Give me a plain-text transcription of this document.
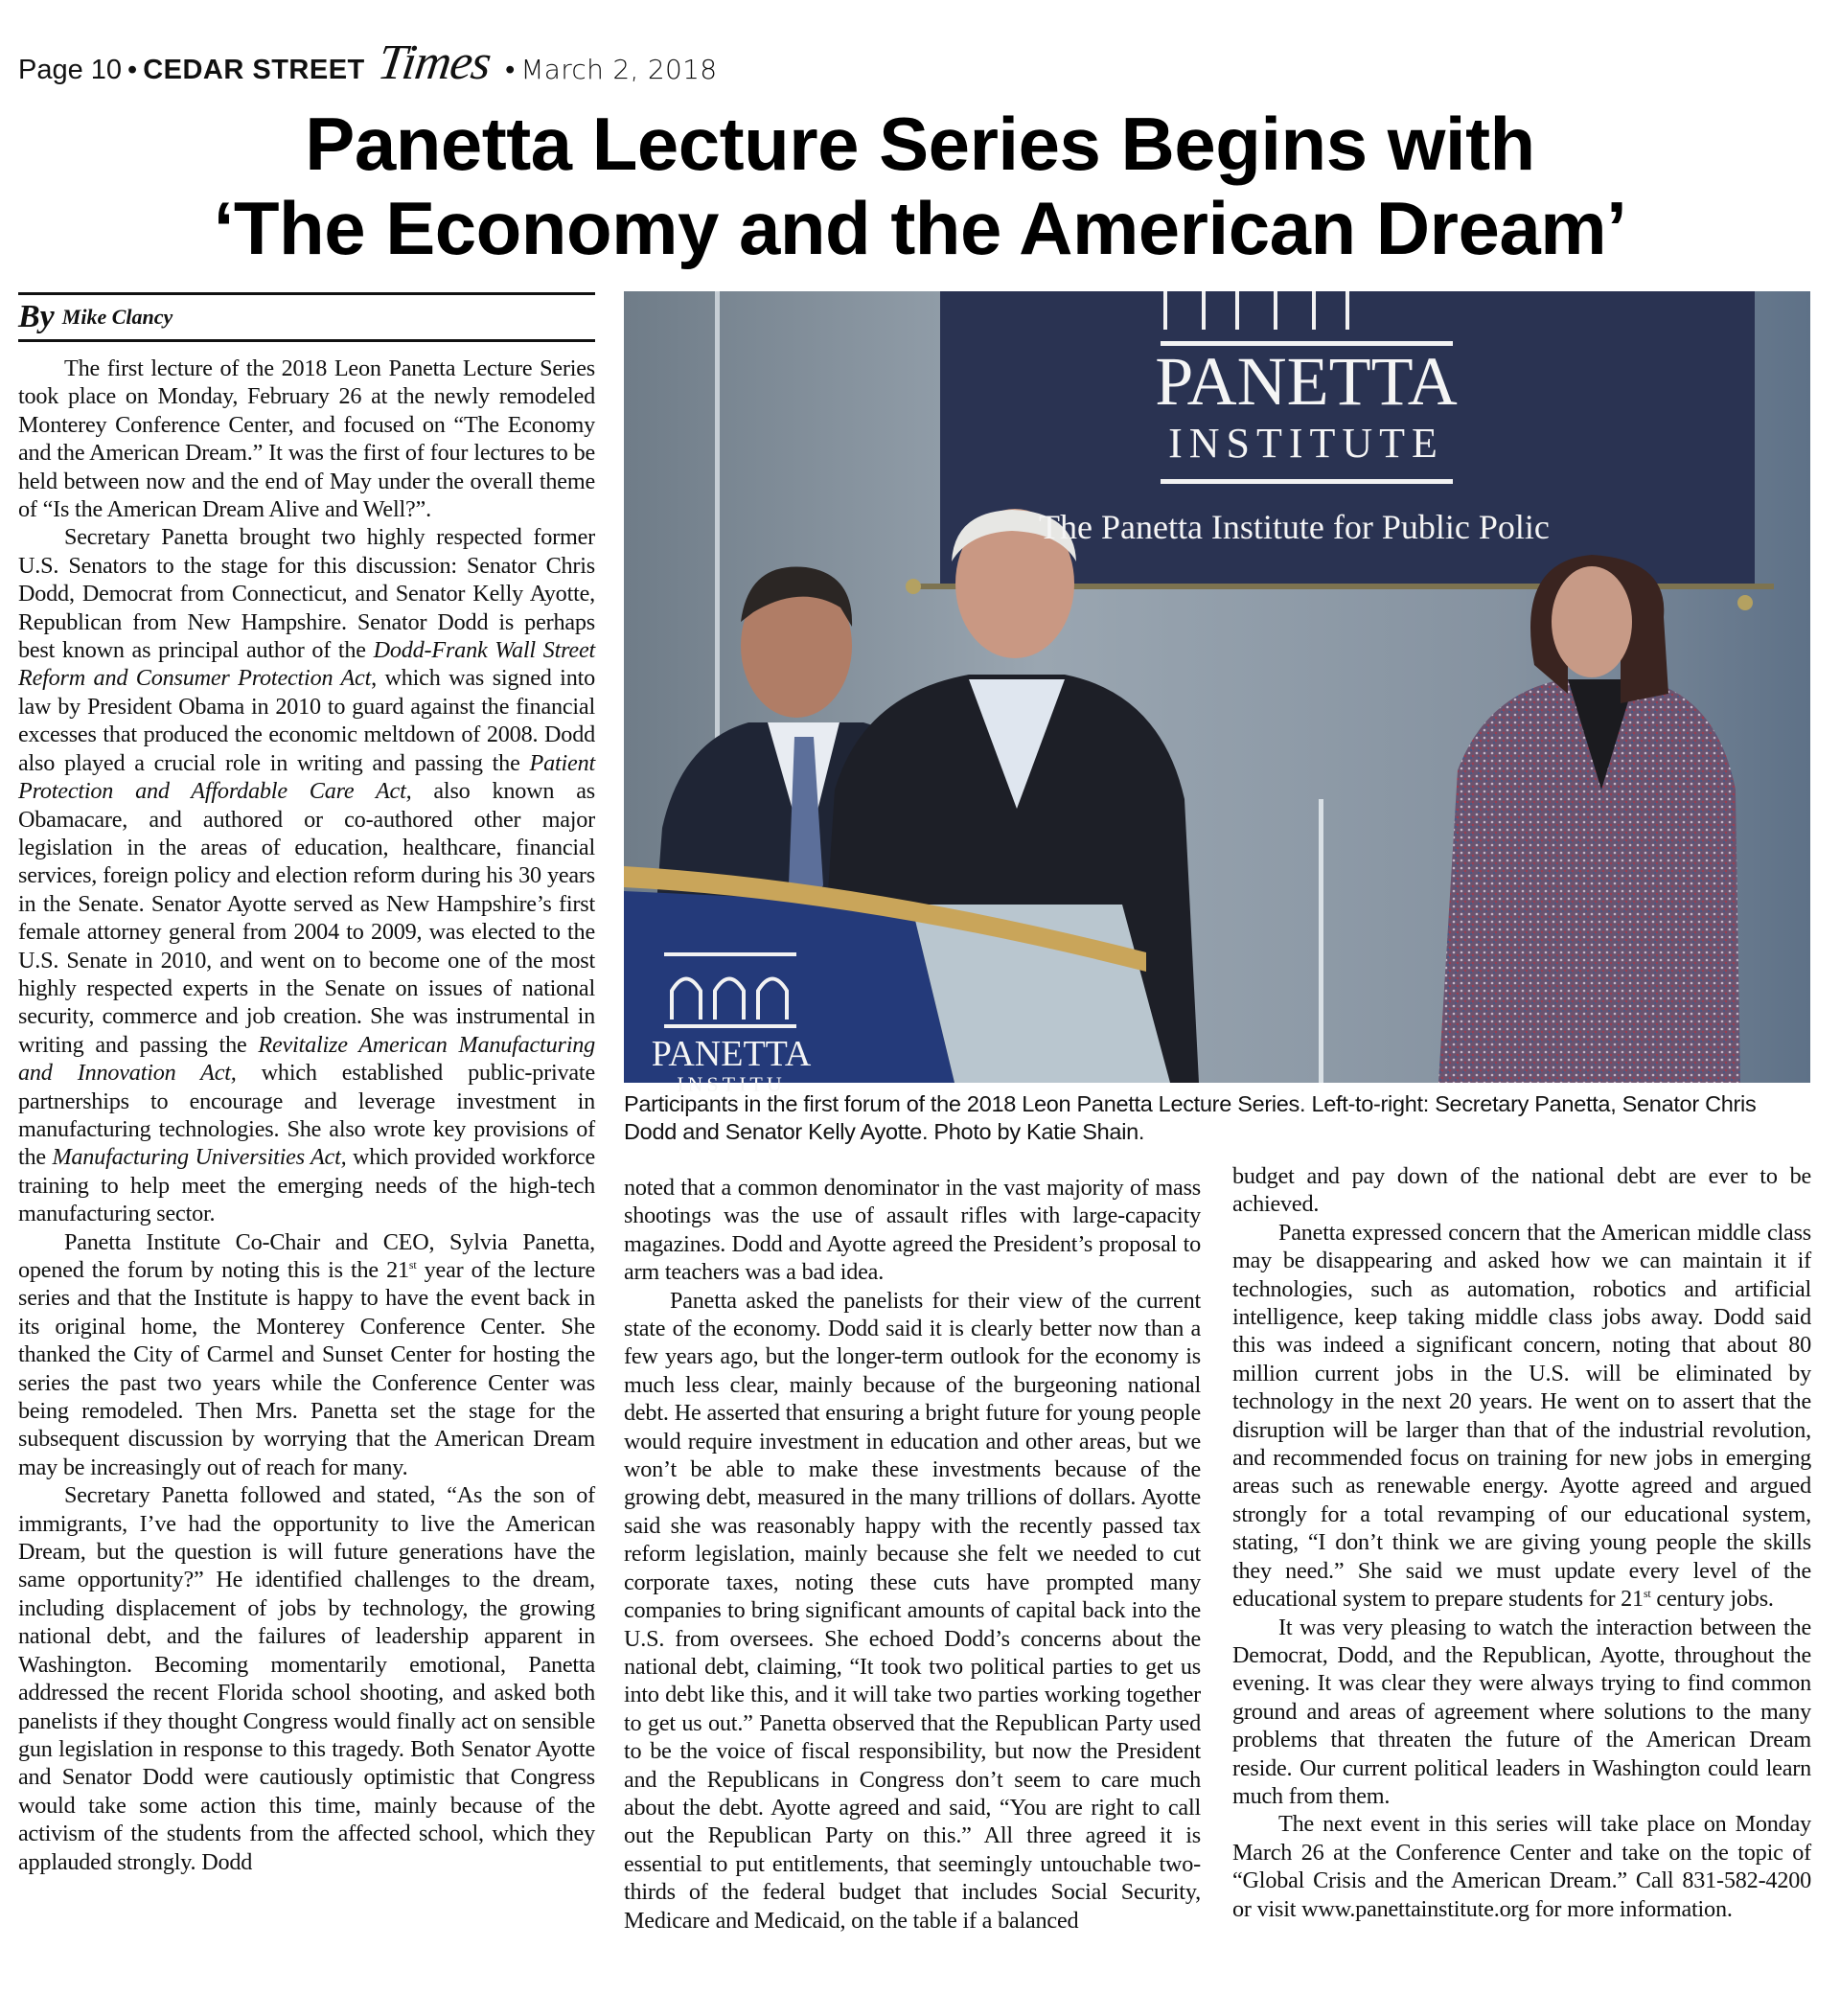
Page 10 • CEDAR STREET Times • March 2, 2018
Panetta Lecture Series Begins with
‘The Economy and the American Dream’
By Mike Clancy

The first lecture of the 2018 Leon Panetta Lecture Series took place on Monday, February 26 at the newly remodeled Monterey Conference Center, and focused on “The Economy and the American Dream.” It was the first of four lectures to be held between now and the end of May under the overall theme of “Is the American Dream Alive and Well?”.

Secretary Panetta brought two highly respected former U.S. Senators to the stage for this discussion: Senator Chris Dodd, Democrat from Connecticut, and Senator Kelly Ayotte, Republican from New Hampshire. Senator Dodd is perhaps best known as principal author of the Dodd-Frank Wall Street Reform and Consumer Protection Act, which was signed into law by President Obama in 2010 to guard against the financial excesses that produced the economic meltdown of 2008. Dodd also played a crucial role in writing and passing the Patient Protection and Affordable Care Act, also known as Obamacare, and authored or co-authored other major legislation in the areas of education, healthcare, financial services, foreign policy and election reform during his 30 years in the Senate. Senator Ayotte served as New Hampshire’s first female attorney general from 2004 to 2009, was elected to the U.S. Senate in 2010, and went on to become one of the most highly respected experts in the Senate on issues of national security, commerce and job creation. She was instrumental in writing and passing the Revitalize American Manufacturing and Innovation Act, which established public-private partnerships to encourage and leverage investment in manufacturing technologies. She also wrote key provisions of the Manufacturing Universities Act, which provided workforce training to help meet the emerging needs of the high-tech manufacturing sector.

Panetta Institute Co-Chair and CEO, Sylvia Panetta, opened the forum by noting this is the 21st year of the lecture series and that the Institute is happy to have the event back in its original home, the Monterey Conference Center. She thanked the City of Carmel and Sunset Center for hosting the series the past two years while the Conference Center was being remodeled. Then Mrs. Panetta set the stage for the subsequent discussion by worrying that the American Dream may be increasingly out of reach for many.

Secretary Panetta followed and stated, “As the son of immigrants, I’ve had the opportunity to live the American Dream, but the question is will future generations have the same opportunity?” He identified challenges to the dream, including displacement of jobs by technology, the growing national debt, and the failures of leadership apparent in Washington. Becoming momentarily emotional, Panetta addressed the recent Florida school shooting, and asked both panelists if they thought Congress would finally act on sensible gun legislation in response to this tragedy. Both Senator Ayotte and Senator Dodd were cautiously optimistic that Congress would take some action this time, mainly because of the activism of the students from the affected school, which they applauded strongly. Dodd

noted that a common denominator in the vast majority of mass shootings was the use of assault rifles with large-capacity magazines. Dodd and Ayotte agreed the President’s proposal to arm teachers was a bad idea.

Panetta asked the panelists for their view of the current state of the economy. Dodd said it is clearly better now than a few years ago, but the longer-term outlook for the economy is much less clear, mainly because of the burgeoning national debt. He asserted that ensuring a bright future for young people would require investment in education and other areas, but we won’t be able to make these investments because of the growing debt, measured in the many trillions of dollars. Ayotte said she was reasonably happy with the recently passed tax reform legislation, mainly because she felt we needed to cut corporate taxes, noting these cuts have prompted many companies to bring significant amounts of capital back into the U.S. from oversees. She echoed Dodd’s concerns about the national debt, claiming, “It took two political parties to get us into debt like this, and it will take two parties working together to get us out.” Panetta observed that the Republican Party used to be the voice of fiscal responsibility, but now the President and the Republicans in Congress don’t seem to care much about the debt. Ayotte agreed and said, “You are right to call out the Republican Party on this.” All three agreed it is essential to put entitlements, that seemingly untouchable two-thirds of the federal budget that includes Social Security, Medicare and Medicaid, on the table if a balanced

budget and pay down of the national debt are ever to be achieved.

Panetta expressed concern that the American middle class may be disappearing and asked how we can maintain it if technologies, such as automation, robotics and artificial intelligence, keep taking middle class jobs away. Dodd said this was indeed a significant concern, noting that about 80 million current jobs in the U.S. will be eliminated by technology in the next 20 years. He went on to assert that the disruption will be larger than that of the industrial revolution, and recommended focus on training for new jobs in emerging areas such as renewable energy. Ayotte agreed and argued strongly for a total revamping of our educational system, stating, “I don’t think we are giving young people the skills they need.” She said we must update every level of the educational system to prepare students for 21st century jobs.

It was very pleasing to watch the interaction between the Democrat, Dodd, and the Republican, Ayotte, throughout the evening. It was clear they were always trying to find common ground and areas of agreement where solutions to the many problems that threaten the future of the American Dream reside. Our current political leaders in Washington could learn much from them.

The next event in this series will take place on Monday March 26 at the Conference Center and take on the topic of “Global Crisis and the American Dream.” Call 831-582-4200 or visit www.panettainstitute.org for more information.

PANETTA
INSTITUTE
The Panetta Institute for Public Polic
PANETTA
INSTITU
Participants in the first forum of the 2018 Leon Panetta Lecture Series. Left-to-right: Secretary Panetta, Senator Chris Dodd and Senator Kelly Ayotte. Photo by Katie Shain.
